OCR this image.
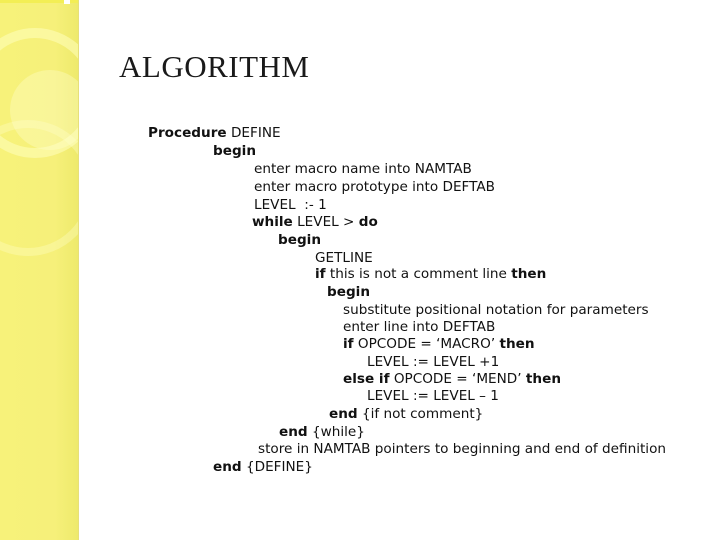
ALGORITHM
Procedure DEFINE
begin
enter macro name into NAMTAB
enter macro prototype into DEFTAB
LEVEL  :- 1
while LEVEL > do
begin
GETLINE
if this is not a comment line then
begin
substitute positional notation for parameters
enter line into DEFTAB
if OPCODE = ‘MACRO’ then
LEVEL := LEVEL +1
else if OPCODE = ‘MEND’ then
LEVEL := LEVEL – 1
end {if not comment}
end {while}
store in NAMTAB pointers to beginning and end of definition
end {DEFINE}
